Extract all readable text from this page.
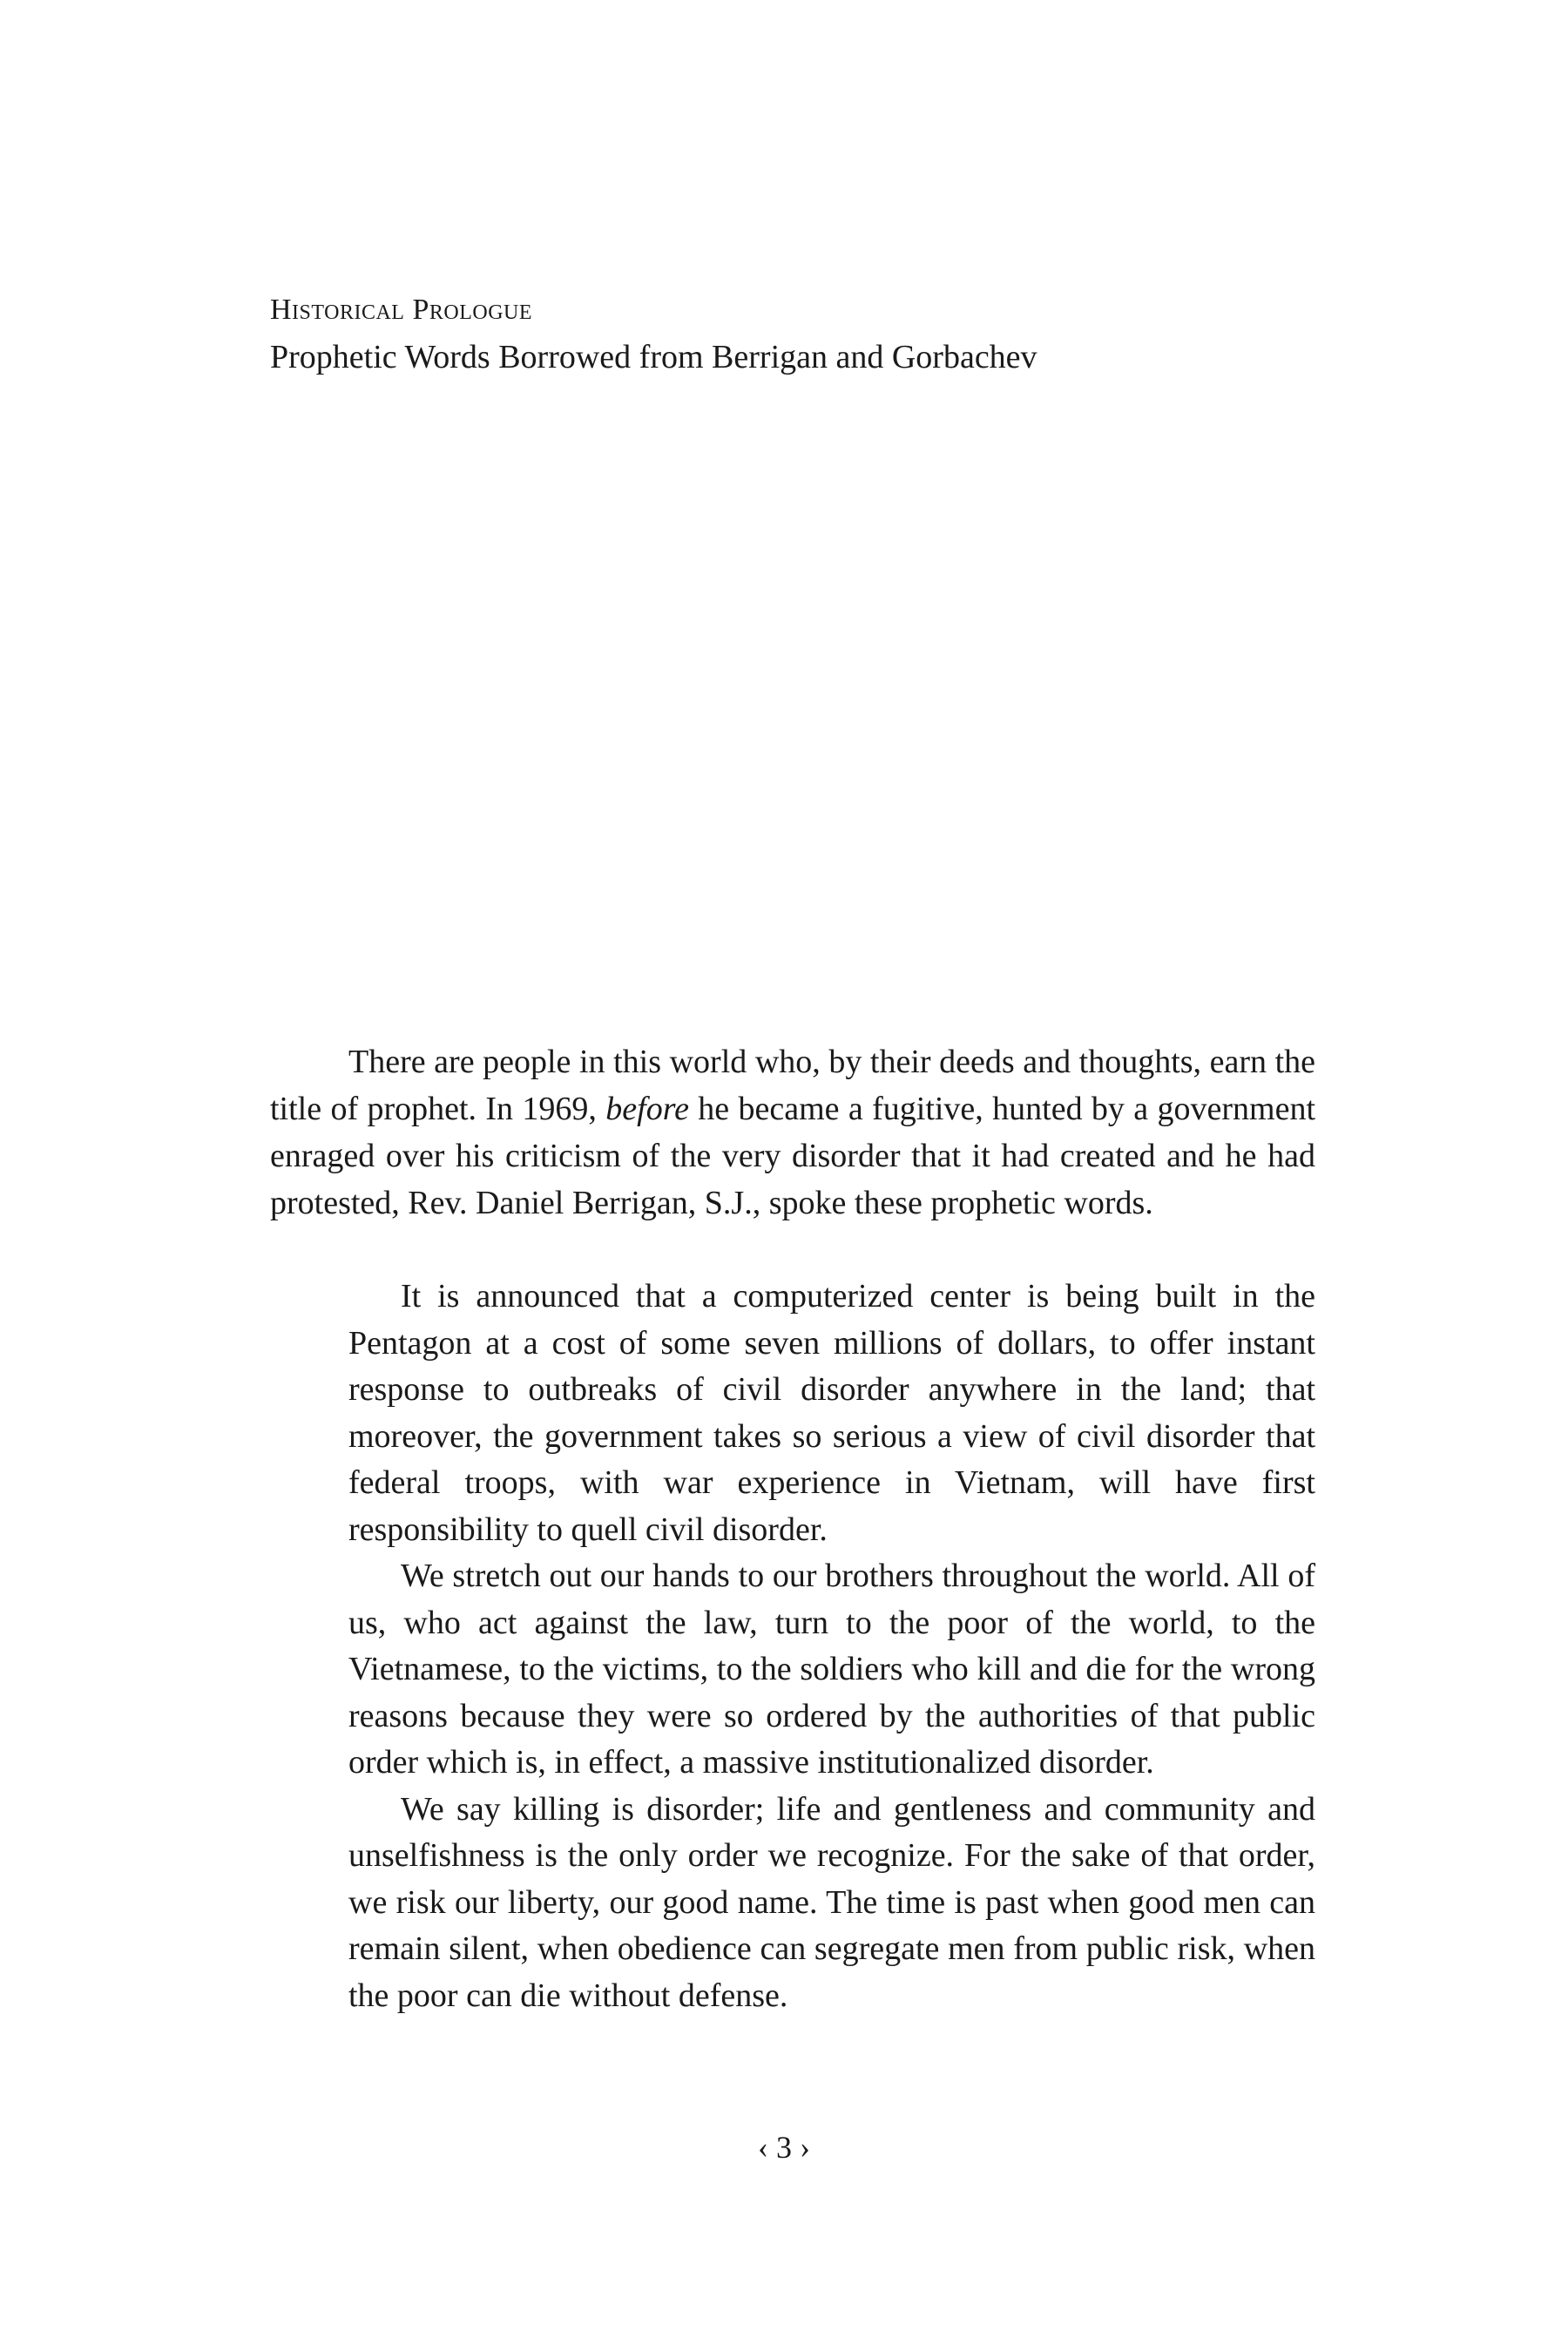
Historical Prologue
Prophetic Words Borrowed from Berrigan and Gorbachev

There are people in this world who, by their deeds and thoughts, earn the title of prophet. In 1969, before he became a fugitive, hunted by a government enraged over his criticism of the very disorder that it had created and he had protested, Rev. Daniel Berrigan, S.J., spoke these prophetic words.

It is announced that a computerized center is being built in the Pentagon at a cost of some seven millions of dollars, to offer instant response to outbreaks of civil disorder anywhere in the land; that moreover, the government takes so serious a view of civil disorder that federal troops, with war experience in Vietnam, will have first responsibility to quell civil disorder.

We stretch out our hands to our brothers throughout the world. All of us, who act against the law, turn to the poor of the world, to the Vietnamese, to the victims, to the soldiers who kill and die for the wrong reasons because they were so ordered by the authorities of that public order which is, in effect, a massive institutionalized disorder.

We say killing is disorder; life and gentleness and community and unselfishness is the only order we recognize. For the sake of that order, we risk our liberty, our good name. The time is past when good men can remain silent, when obedience can segregate men from public risk, when the poor can die without defense.

‹ 3 ›
